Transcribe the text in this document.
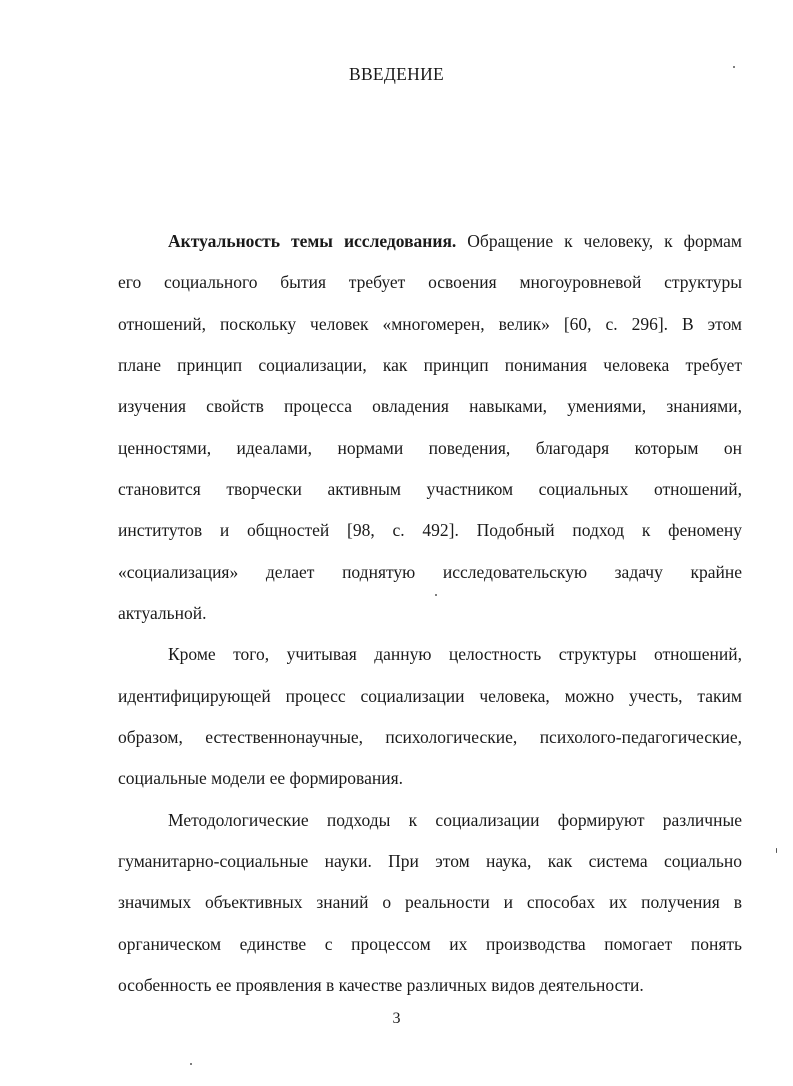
ВВЕДЕНИЕ
Актуальность темы исследования. Обращение к человеку, к формам
его социального бытия требует освоения многоуровневой структуры
отношений, поскольку человек «многомерен, велик» [60, с. 296]. В этом
плане принцип социализации, как принцип понимания человека требует
изучения свойств процесса овладения навыками, умениями, знаниями,
ценностями, идеалами, нормами поведения, благодаря которым он
становится творчески активным участником социальных отношений,
институтов и общностей [98, с. 492]. Подобный подход к феномену
«социализация» делает поднятую исследовательскую задачу крайне
актуальной.
Кроме того, учитывая данную целостность структуры отношений,
идентифицирующей процесс социализации человека, можно учесть, таким
образом, естественнонаучные, психологические, психолого-педагогические,
социальные модели ее формирования.
Методологические подходы к социализации формируют различные
гуманитарно-социальные науки. При этом наука, как система социально
значимых объективных знаний о реальности и способах их получения в
органическом единстве с процессом их производства помогает понять
особенность ее проявления в качестве различных видов деятельности.
3
